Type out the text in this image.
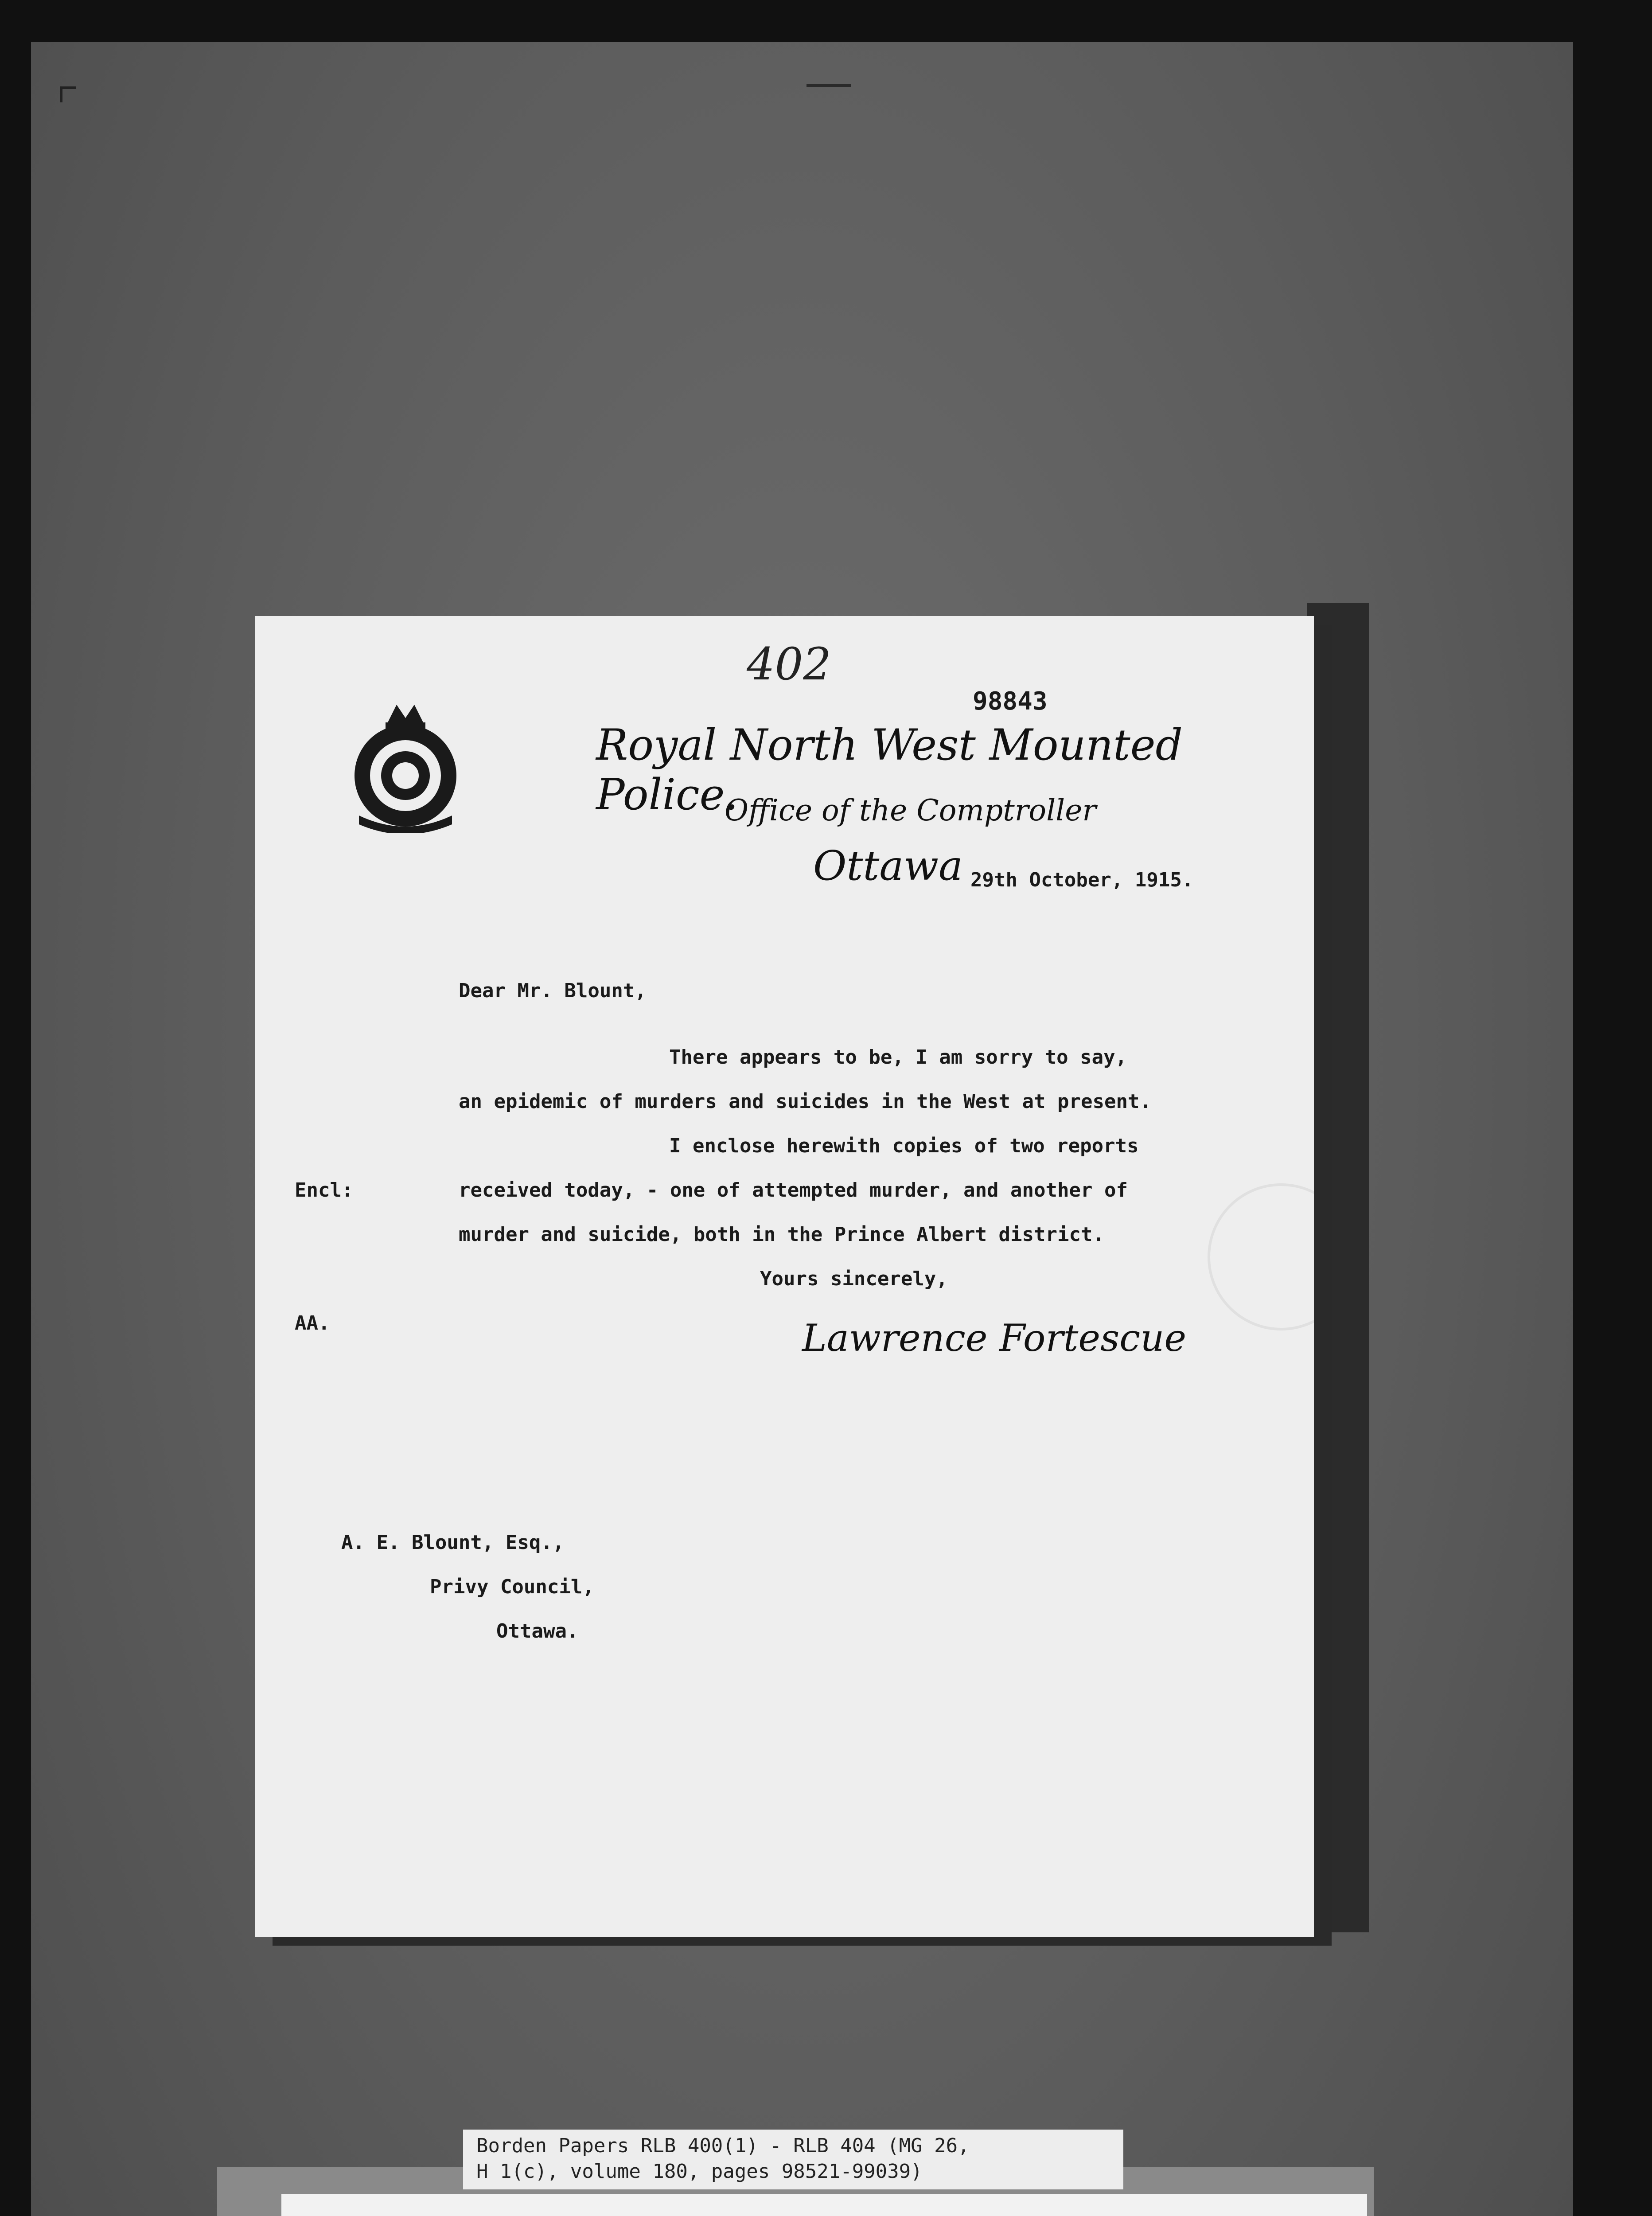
402
98843
Royal North West Mounted Police.
Office of the Comptroller
Ottawa 29th October, 1915.
Dear Mr. Blount,
There appears to be, I am sorry to say,
an epidemic of murders and suicides in the West at present.
I enclose herewith copies of two reports
Encl:	received today, - one of attempted murder, and another of
murder and suicide, both in the Prince Albert district.
Yours sincerely,
AA.	Lawrence Fortescue
A. E. Blount, Esq.,
Privy Council,
Ottawa.
Borden Papers RLB 400(1) - RLB 404 (MG 26,
H 1(c), volume 180, pages 98521-99039)
